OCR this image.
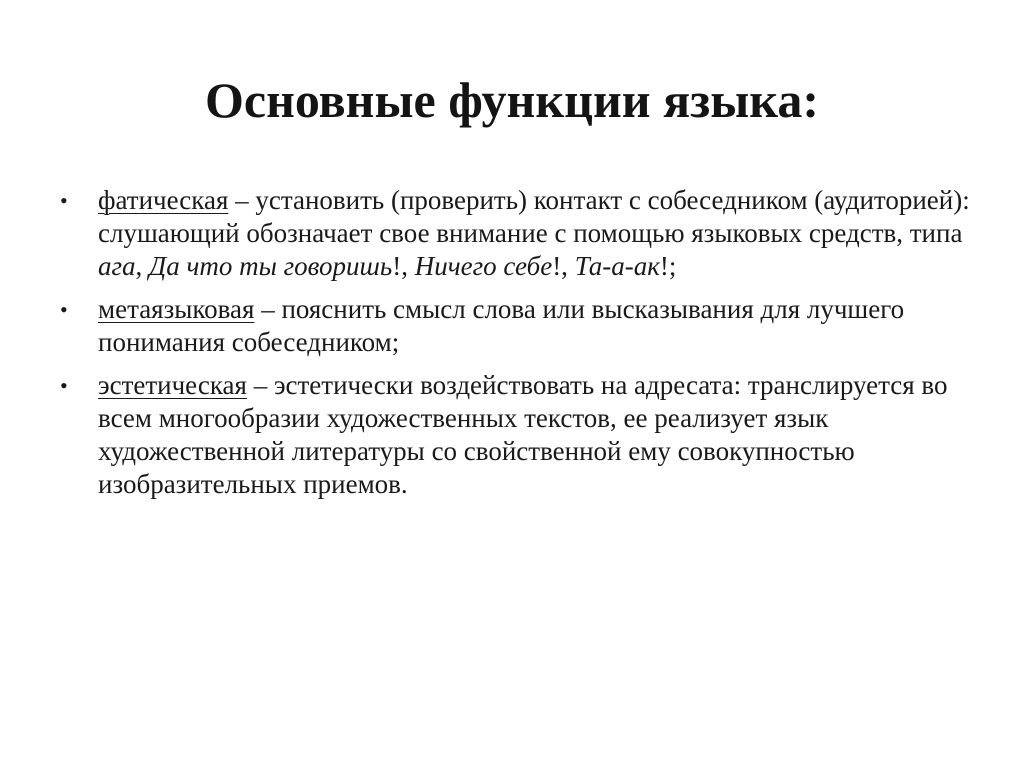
Основные функции языка:
• фатическая – установить (проверить) контакт с собеседником (аудиторией): слушающий обозначает свое внимание с помощью языковых средств, типа ага, Да что ты говоришь!, Ничего себе!, Та-а-ак!;
• метаязыковая – пояснить смысл слова или высказывания для лучшего понимания собеседником;
• эстетическая – эстетически воздействовать на адресата: транслируется во всем многообразии художественных текстов, ее реализует язык художественной литературы со свойственной ему совокупностью изобразительных приемов.
